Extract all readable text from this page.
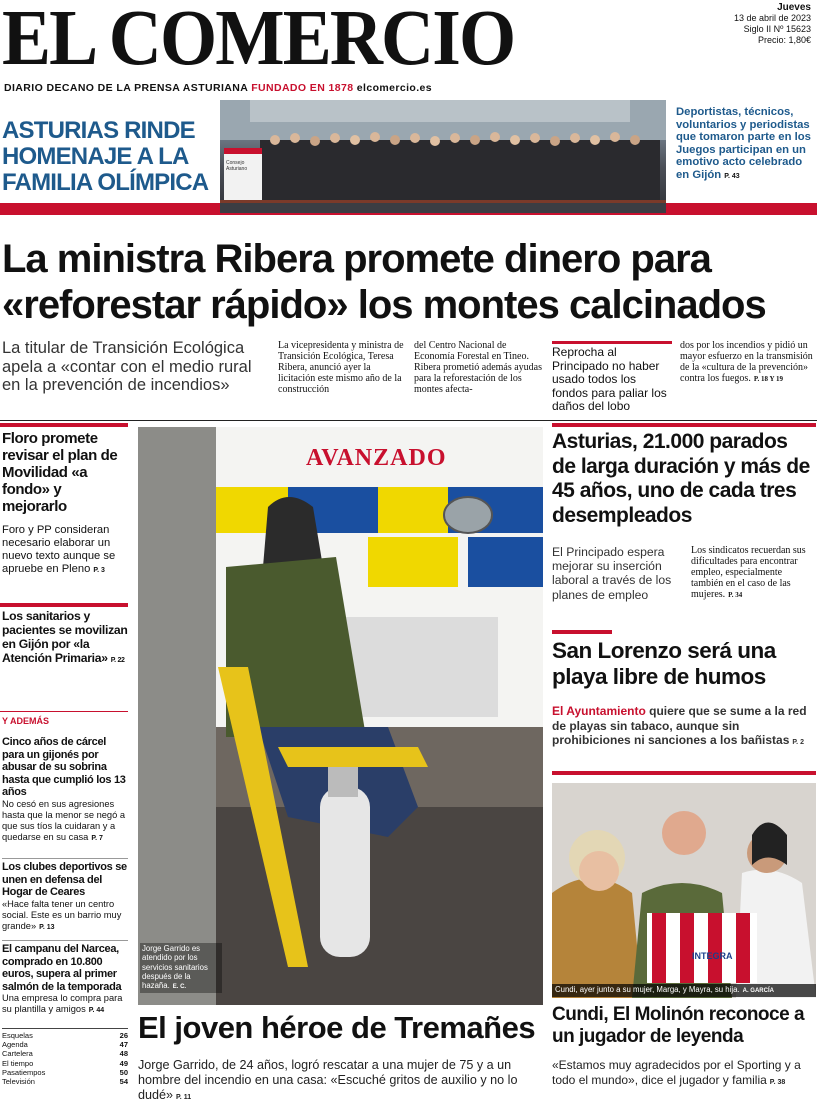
EL COMERCIO	Jueves
13 de abril de 2023
Siglo II Nº 15623
Precio: 1,80€
DIARIO DECANO DE LA PRENSA ASTURIANA FUNDADO EN 1878 elcomercio.es
ASTURIAS RINDE HOMENAJE A LA FAMILIA OLÍMPICA
Consejo Asturiano
Deportistas, técnicos, voluntarios y periodistas que tomaron parte en los Juegos participan en un emotivo acto celebrado en Gijón P. 43
La ministra Ribera promete dinero para
«reforestar rápido» los montes calcinados
La titular de Transición Ecológica apela a «contar con el medio rural en la prevención de incendios»
La vicepresidenta y ministra de Transición Ecológica, Teresa Ribera, anunció ayer la licitación este mismo año de la construcción
del Centro Nacional de Economía Forestal en Tineo. Ribera prometió además ayudas para la reforestación de los montes afecta-
Reprocha al Principado no haber usado todos los fondos para paliar los daños del lobo
dos por los incendios y pidió un mayor esfuerzo en la transmisión de la «cultura de la prevención» contra los fuegos. P. 18 Y 19
Floro promete revisar el plan de Movilidad «a fondo» y mejorarlo
Foro y PP consideran necesario elaborar un nuevo texto aunque se apruebe en Pleno P. 3
Los sanitarios y pacientes se movilizan en Gijón por «la Atención Primaria» P. 22
Y ADEMÁS
Cinco años de cárcel para un gijonés por abusar de su sobrina hasta que cumplió los 13 años
No cesó en sus agresiones hasta que la menor se negó a que sus tíos la cuidaran y a quedarse en su casa P. 7
Los clubes deportivos se unen en defensa del Hogar de Ceares
«Hace falta tener un centro social. Este es un barrio muy grande» P. 13
El campanu del Narcea, comprado en 10.800 euros, supera al primer salmón de la temporada
Una empresa lo compra para su plantilla y amigos P. 44
Esquelas	26
Agenda	47
Cartelera	48
El tiempo	49
Pasatiempos	50
Televisión	54
AVANZADO
Jorge Garrido es atendido por los servicios sanitarios después de la hazaña. E. C.
El joven héroe de Tremañes
Jorge Garrido, de 24 años, logró rescatar a una mujer de 75 y a un hombre del incendio en una casa: «Escuché gritos de auxilio y no lo dudé» P. 11
Asturias, 21.000 parados de larga duración y más de 45 años, uno de cada tres desempleados
El Principado espera mejorar su inserción laboral a través de los planes de empleo
Los sindicatos recuerdan sus dificultades para encontrar empleo, especialmente también en el caso de las mujeres. P. 34
San Lorenzo será una playa libre de humos
El Ayuntamiento quiere que se sume a la red de playas sin tabaco, aunque sin prohibiciones ni sanciones a los bañistas P. 2
INTEGRA
Cundi, ayer junto a su mujer, Marga, y Mayra, su hija. A. GARCÍA
Cundi, El Molinón reconoce a un jugador de leyenda
«Estamos muy agradecidos por el Sporting y a todo el mundo», dice el jugador y familia P. 38
